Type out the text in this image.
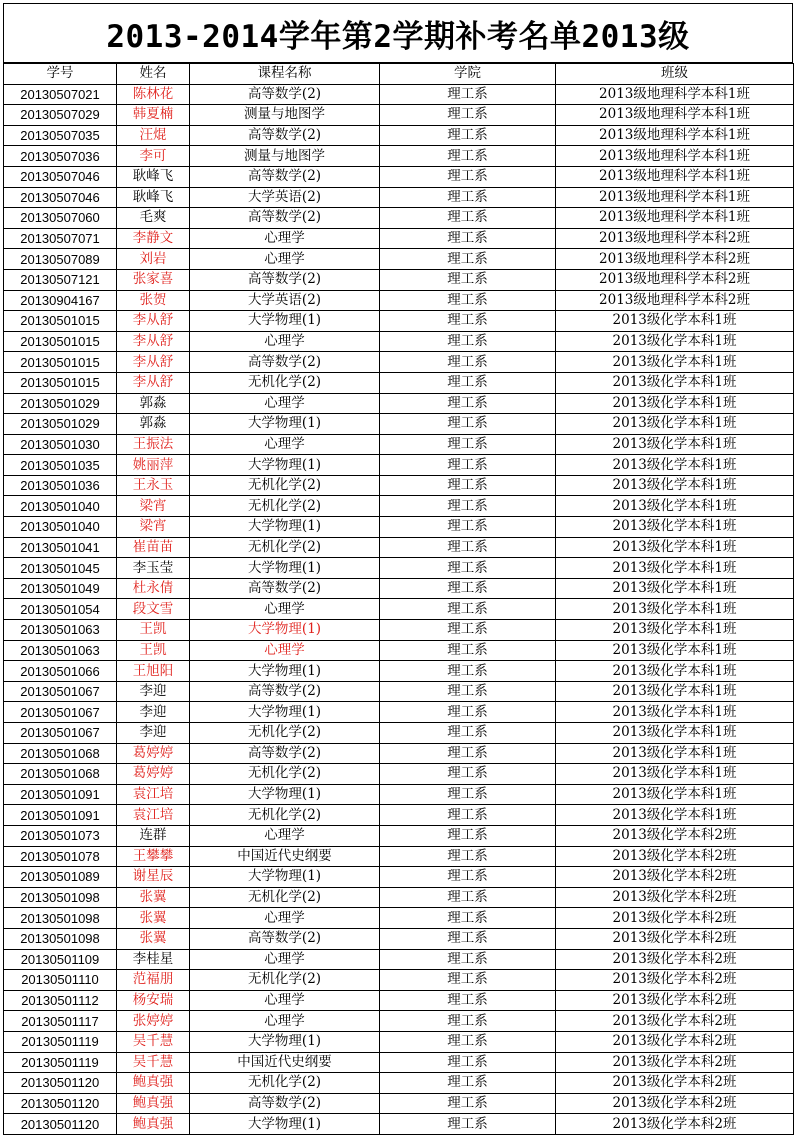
2013-2014学年第2学期补考名单2013级
学号	姓名	课程名称	学院	班级
20130507021	陈林花	高等数学(2)	理工系	2013级地理科学本科1班
20130507029	韩夏楠	测量与地图学	理工系	2013级地理科学本科1班
20130507035	汪焜	高等数学(2)	理工系	2013级地理科学本科1班
20130507036	李可	测量与地图学	理工系	2013级地理科学本科1班
20130507046	耿峰飞	高等数学(2)	理工系	2013级地理科学本科1班
20130507046	耿峰飞	大学英语(2)	理工系	2013级地理科学本科1班
20130507060	毛爽	高等数学(2)	理工系	2013级地理科学本科1班
20130507071	李静文	心理学	理工系	2013级地理科学本科2班
20130507089	刘岩	心理学	理工系	2013级地理科学本科2班
20130507121	张家喜	高等数学(2)	理工系	2013级地理科学本科2班
20130904167	张贺	大学英语(2)	理工系	2013级地理科学本科2班
20130501015	李从舒	大学物理(1)	理工系	2013级化学本科1班
20130501015	李从舒	心理学	理工系	2013级化学本科1班
20130501015	李从舒	高等数学(2)	理工系	2013级化学本科1班
20130501015	李从舒	无机化学(2)	理工系	2013级化学本科1班
20130501029	郭淼	心理学	理工系	2013级化学本科1班
20130501029	郭淼	大学物理(1)	理工系	2013级化学本科1班
20130501030	王振法	心理学	理工系	2013级化学本科1班
20130501035	姚丽萍	大学物理(1)	理工系	2013级化学本科1班
20130501036	王永玉	无机化学(2)	理工系	2013级化学本科1班
20130501040	梁宵	无机化学(2)	理工系	2013级化学本科1班
20130501040	梁宵	大学物理(1)	理工系	2013级化学本科1班
20130501041	崔苗苗	无机化学(2)	理工系	2013级化学本科1班
20130501045	李玉莹	大学物理(1)	理工系	2013级化学本科1班
20130501049	杜永倩	高等数学(2)	理工系	2013级化学本科1班
20130501054	段文雪	心理学	理工系	2013级化学本科1班
20130501063	王凯	大学物理(1)	理工系	2013级化学本科1班
20130501063	王凯	心理学	理工系	2013级化学本科1班
20130501066	王旭阳	大学物理(1)	理工系	2013级化学本科1班
20130501067	李迎	高等数学(2)	理工系	2013级化学本科1班
20130501067	李迎	大学物理(1)	理工系	2013级化学本科1班
20130501067	李迎	无机化学(2)	理工系	2013级化学本科1班
20130501068	葛婷婷	高等数学(2)	理工系	2013级化学本科1班
20130501068	葛婷婷	无机化学(2)	理工系	2013级化学本科1班
20130501091	袁江培	大学物理(1)	理工系	2013级化学本科1班
20130501091	袁江培	无机化学(2)	理工系	2013级化学本科1班
20130501073	连群	心理学	理工系	2013级化学本科2班
20130501078	王攀攀	中国近代史纲要	理工系	2013级化学本科2班
20130501089	谢星辰	大学物理(1)	理工系	2013级化学本科2班
20130501098	张翼	无机化学(2)	理工系	2013级化学本科2班
20130501098	张翼	心理学	理工系	2013级化学本科2班
20130501098	张翼	高等数学(2)	理工系	2013级化学本科2班
20130501109	李桂星	心理学	理工系	2013级化学本科2班
20130501110	范福朋	无机化学(2)	理工系	2013级化学本科2班
20130501112	杨安瑞	心理学	理工系	2013级化学本科2班
20130501117	张婷婷	心理学	理工系	2013级化学本科2班
20130501119	吴千慧	大学物理(1)	理工系	2013级化学本科2班
20130501119	吴千慧	中国近代史纲要	理工系	2013级化学本科2班
20130501120	鲍真强	无机化学(2)	理工系	2013级化学本科2班
20130501120	鲍真强	高等数学(2)	理工系	2013级化学本科2班
20130501120	鲍真强	大学物理(1)	理工系	2013级化学本科2班
